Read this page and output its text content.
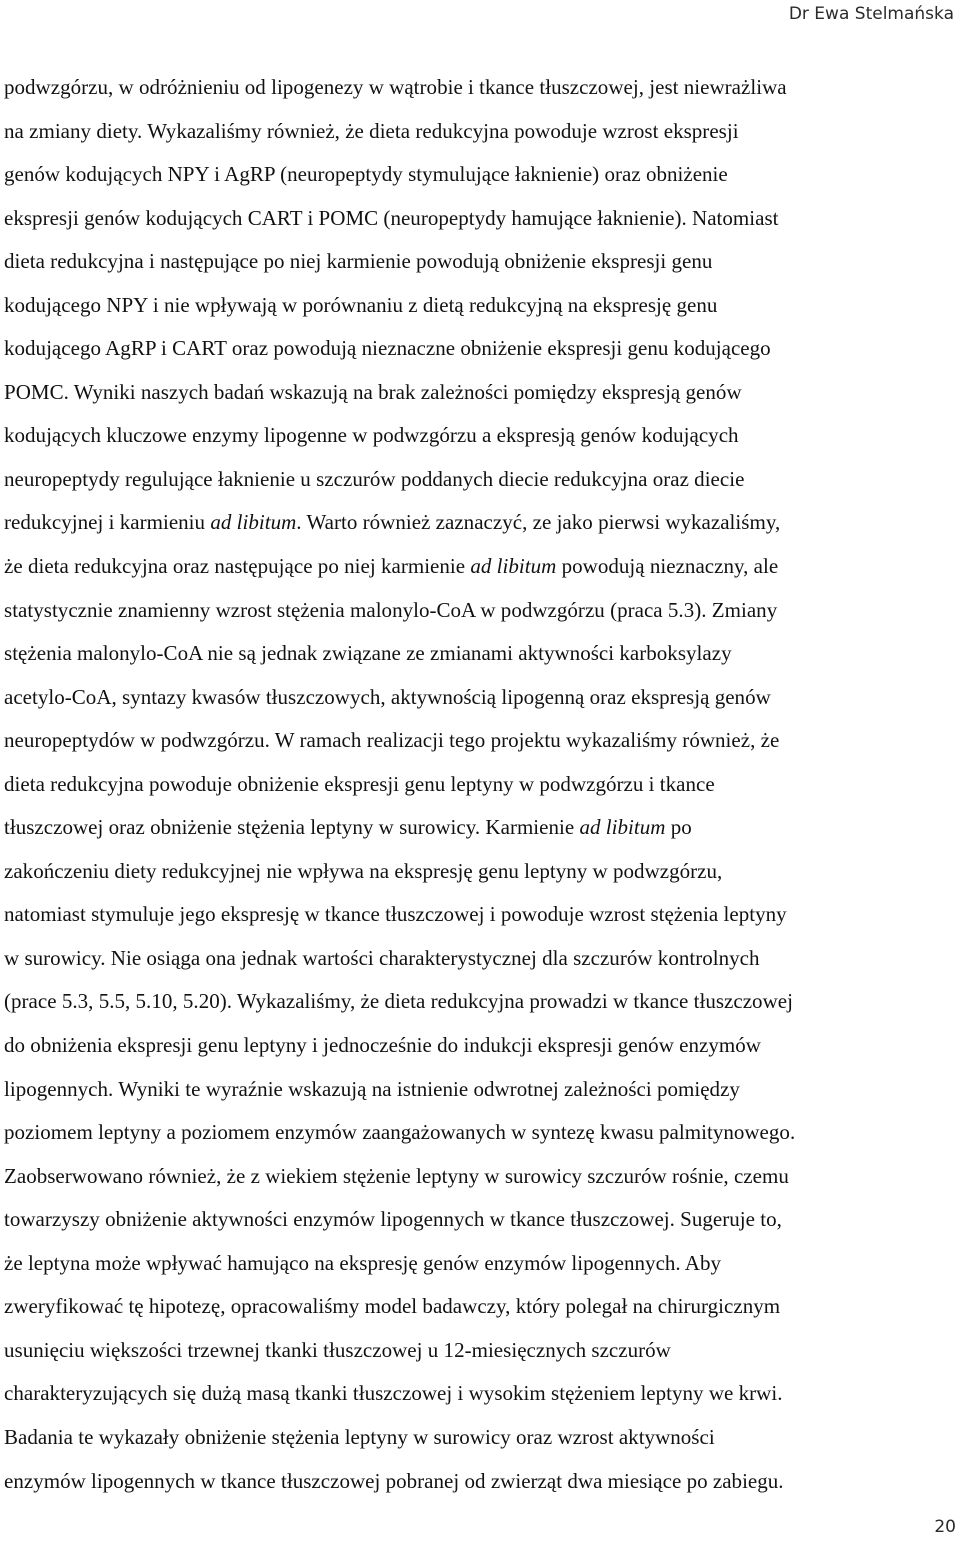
Dr Ewa Stelmańska

podwzgórzu, w odróżnieniu od lipogenezy w wątrobie i tkance tłuszczowej, jest niewrażliwa
na zmiany diety. Wykazaliśmy również, że dieta redukcyjna powoduje wzrost ekspresji
genów kodujących NPY i AgRP (neuropeptydy stymulujące łaknienie) oraz obniżenie
ekspresji genów kodujących CART i POMC (neuropeptydy hamujące łaknienie). Natomiast
dieta redukcyjna i następujące po niej karmienie powodują obniżenie ekspresji genu
kodującego NPY i nie wpływają w porównaniu z dietą redukcyjną na ekspresję genu
kodującego AgRP i CART oraz powodują nieznaczne obniżenie ekspresji genu kodującego
POMC. Wyniki naszych badań wskazują na brak zależności pomiędzy ekspresją genów
kodujących kluczowe enzymy lipogenne w podwzgórzu a ekspresją genów kodujących
neuropeptydy regulujące łaknienie u szczurów poddanych diecie redukcyjna oraz diecie
redukcyjnej i karmieniu ad libitum. Warto również zaznaczyć, ze jako pierwsi wykazaliśmy,
że dieta redukcyjna oraz następujące po niej karmienie ad libitum powodują nieznaczny, ale
statystycznie znamienny wzrost stężenia malonylo-CoA w podwzgórzu (praca 5.3). Zmiany
stężenia malonylo-CoA nie są jednak związane ze zmianami aktywności karboksylazy
acetylo-CoA, syntazy kwasów tłuszczowych, aktywnością lipogenną oraz ekspresją genów
neuropeptydów w podwzgórzu. W ramach realizacji tego projektu wykazaliśmy również, że
dieta redukcyjna powoduje obniżenie ekspresji genu leptyny w podwzgórzu i tkance
tłuszczowej oraz obniżenie stężenia leptyny w surowicy. Karmienie ad libitum po
zakończeniu diety redukcyjnej nie wpływa na ekspresję genu leptyny w podwzgórzu,
natomiast stymuluje jego ekspresję w tkance tłuszczowej i powoduje wzrost stężenia leptyny
w surowicy. Nie osiąga ona jednak wartości charakterystycznej dla szczurów kontrolnych
(prace 5.3, 5.5, 5.10, 5.20). Wykazaliśmy, że dieta redukcyjna prowadzi w tkance tłuszczowej
do obniżenia ekspresji genu leptyny i jednocześnie do indukcji ekspresji genów enzymów
lipogennych. Wyniki te wyraźnie wskazują na istnienie odwrotnej zależności pomiędzy
poziomem leptyny a poziomem enzymów zaangażowanych w syntezę kwasu palmitynowego.
Zaobserwowano również, że z wiekiem stężenie leptyny w surowicy szczurów rośnie, czemu
towarzyszy obniżenie aktywności enzymów lipogennych w tkance tłuszczowej. Sugeruje to,
że leptyna może wpływać hamująco na ekspresję genów enzymów lipogennych. Aby
zweryfikować tę hipotezę, opracowaliśmy model badawczy, który polegał na chirurgicznym
usunięciu większości trzewnej tkanki tłuszczowej u 12-miesięcznych szczurów
charakteryzujących się dużą masą tkanki tłuszczowej i wysokim stężeniem leptyny we krwi.
Badania te wykazały obniżenie stężenia leptyny w surowicy oraz wzrost aktywności
enzymów lipogennych w tkance tłuszczowej pobranej od zwierząt dwa miesiące po zabiegu.

20
